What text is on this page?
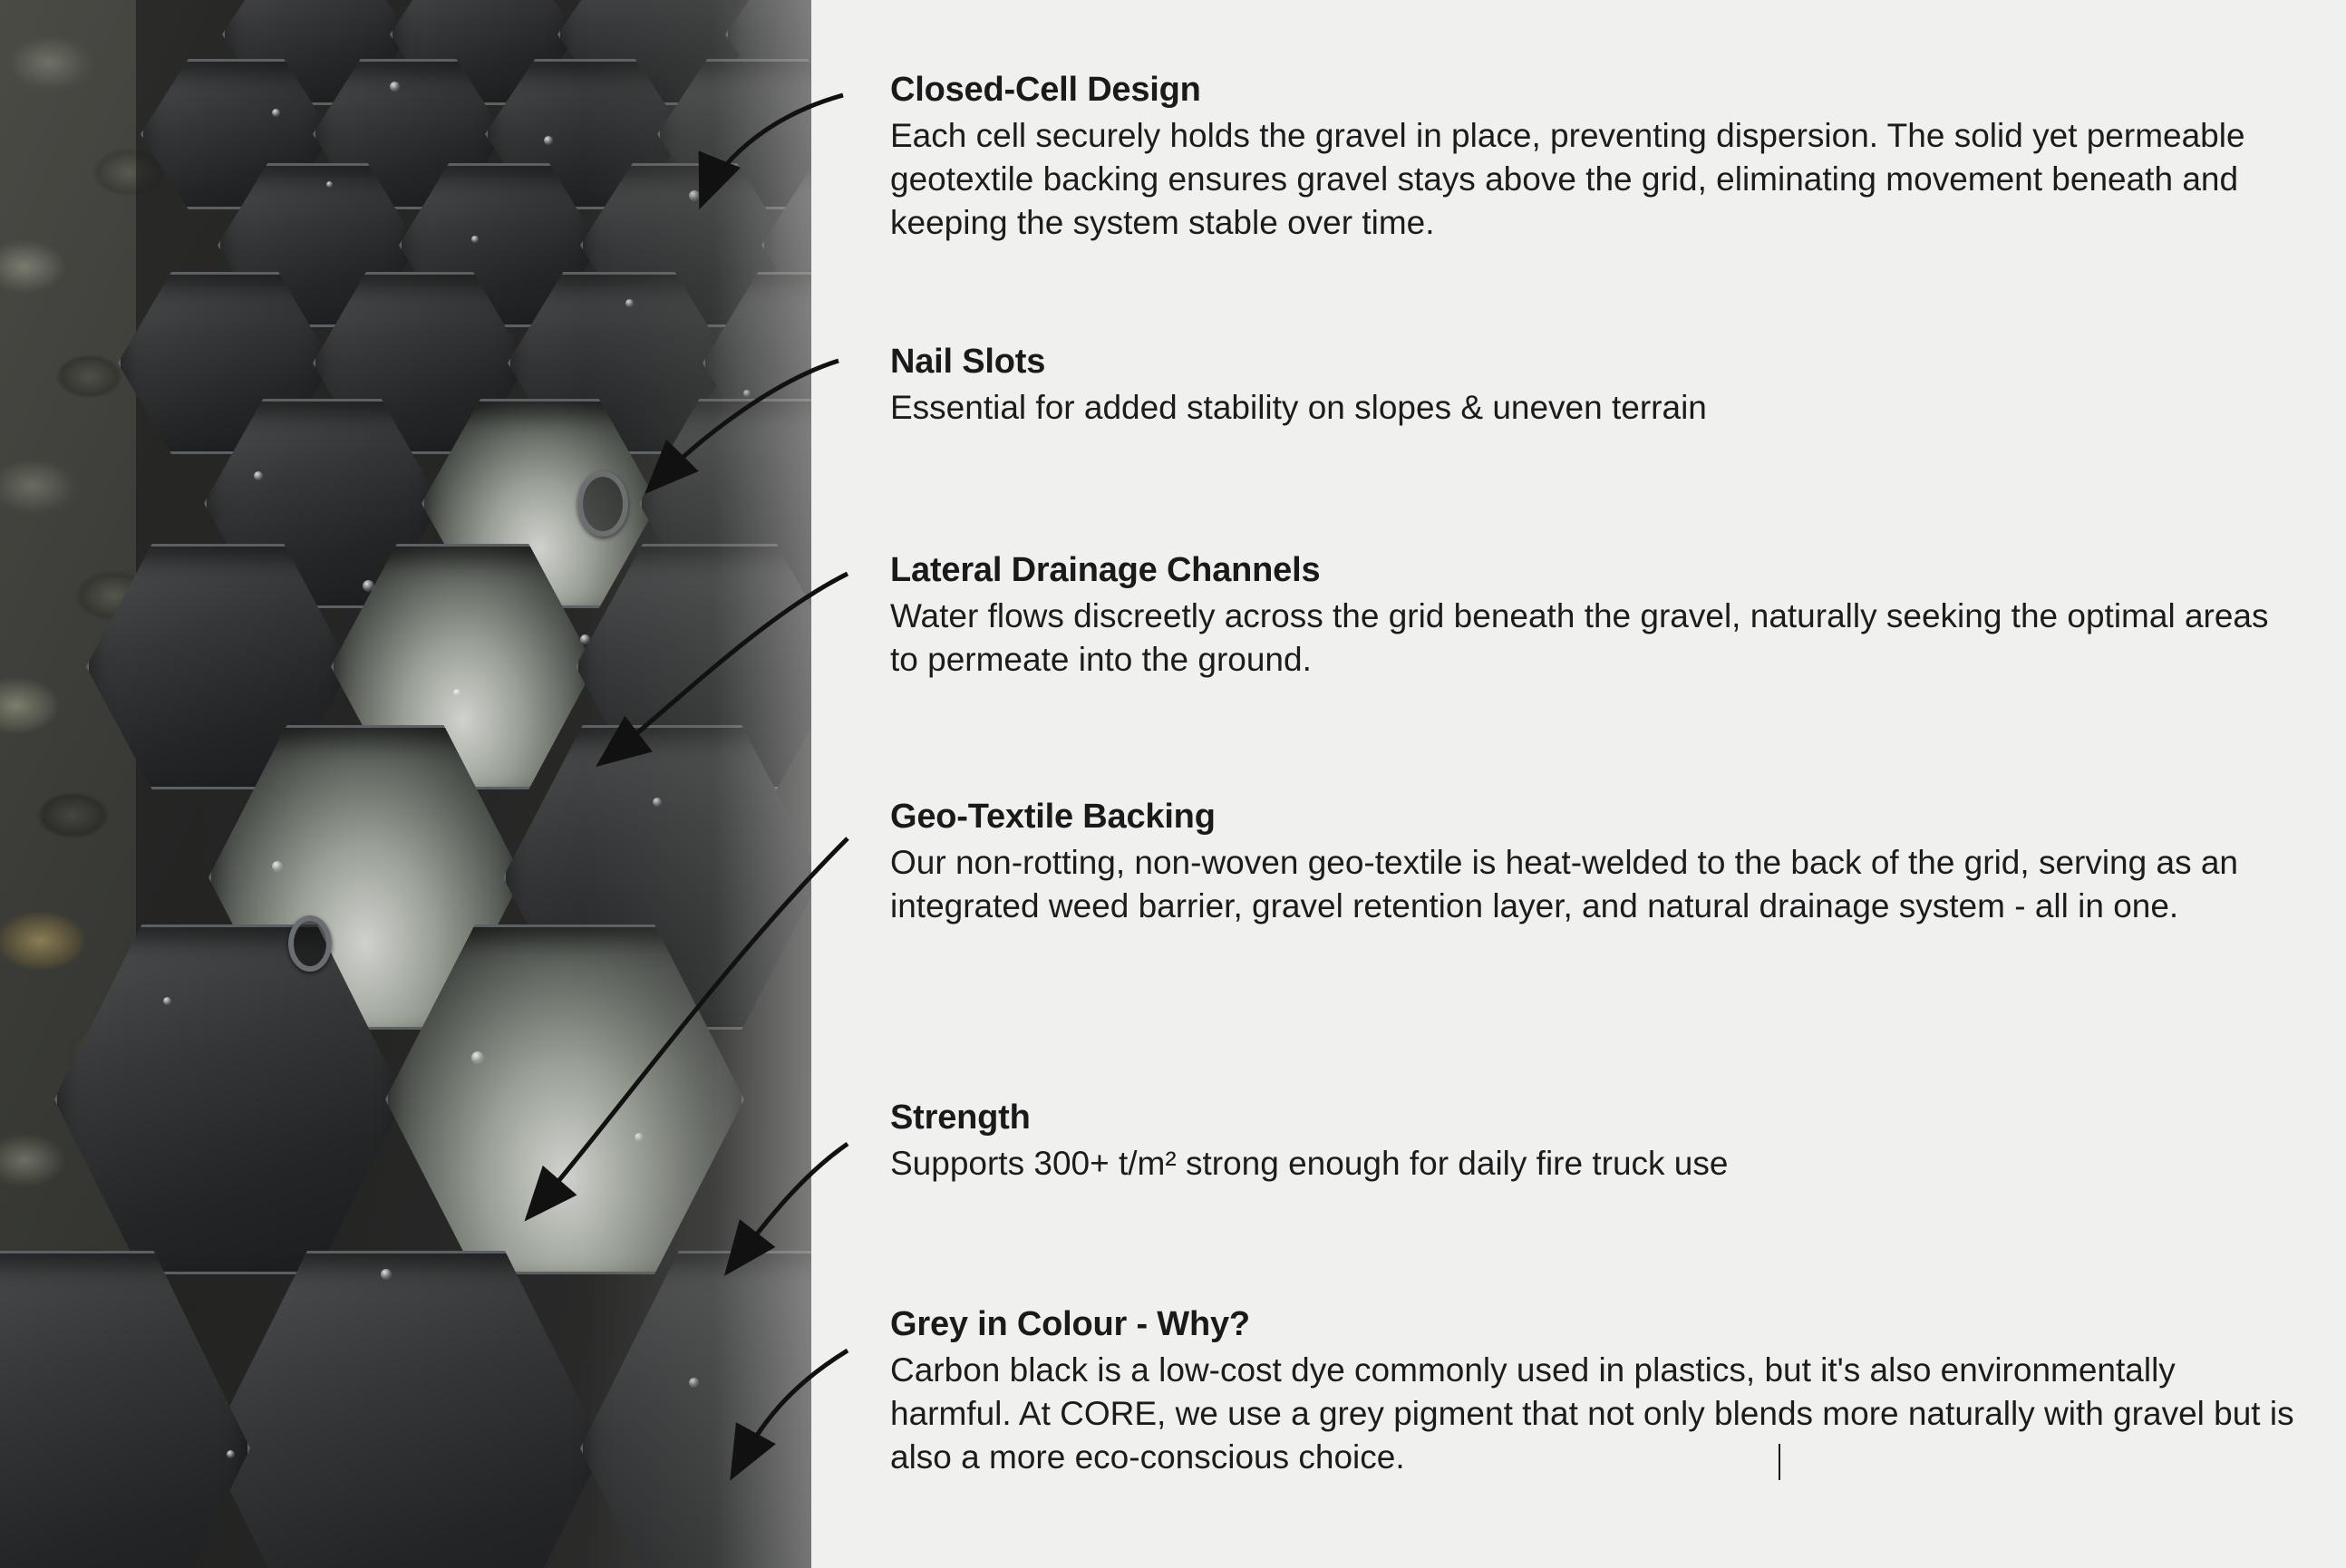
Closed-Cell Design

Each cell securely holds the gravel in place, preventing dispersion. The solid yet permeable geotextile backing ensures gravel stays above the grid, eliminating movement beneath and keeping the system stable over time.

Nail Slots

Essential for added stability on slopes & uneven terrain

Lateral Drainage Channels

Water flows discreetly across the grid beneath the gravel, naturally seeking the optimal areas to permeate into the ground.

Geo-Textile Backing

Our non-rotting, non-woven geo-textile is heat-welded to the back of the grid, serving as an integrated weed barrier, gravel retention layer, and natural drainage system - all in one.

Strength

Supports 300+ t/m² strong enough for daily fire truck use

Grey in Colour - Why?

Carbon black is a low-cost dye commonly used in plastics, but it's also environmentally harmful. At CORE, we use a grey pigment that not only blends more naturally with gravel but is also a more eco-conscious choice.
